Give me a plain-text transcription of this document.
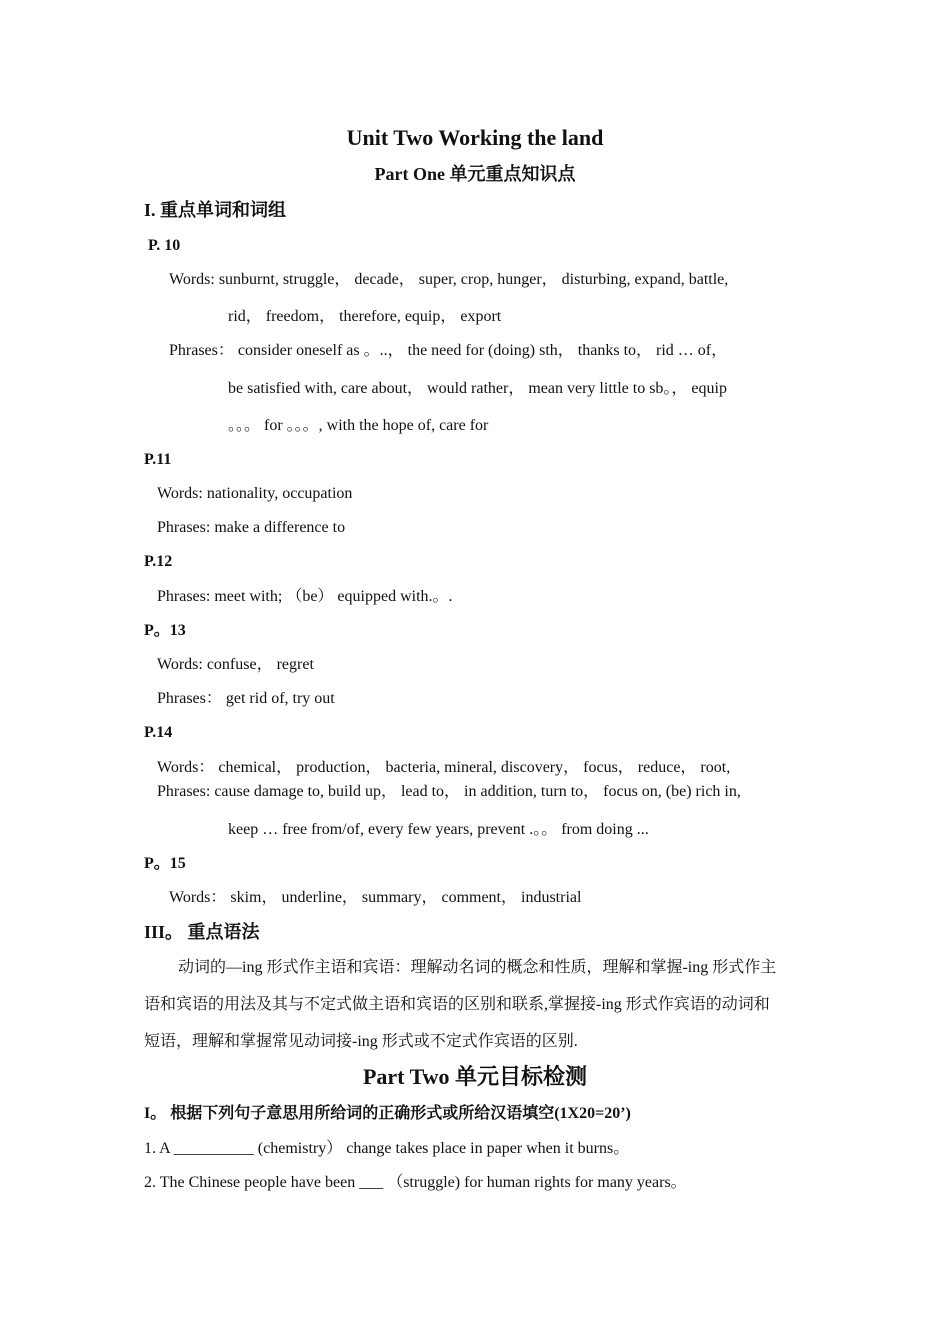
Unit Two Working the land
Part One 单元重点知识点
I. 重点单词和词组
P. 10
Words: sunburnt, struggle， decade， super, crop, hunger， disturbing, expand, battle,
rid， freedom， therefore, equip， export
Phrases： consider oneself as 。..， the need for (doing) sth， thanks to， rid … of，
be satisfied with, care about， would rather， mean very little to sb。， equip
。。。 for 。。。, with the hope of, care for
P.11
Words: nationality, occupation
Phrases: make a difference to
P.12
Phrases: meet with; （be） equipped with.。.
P。13
Words: confuse， regret
Phrases： get rid of, try out
P.14
Words： chemical， production， bacteria, mineral, discovery， focus， reduce， root,
Phrases: cause damage to, build up， lead to， in addition, turn to， focus on, (be) rich in,
keep … free from/of, every few years, prevent .。。 from doing ...
P。15
Words： skim， underline， summary， comment， industrial
III。 重点语法
动词的—ing 形式作主语和宾语：理解动名词的概念和性质，理解和掌握-ing 形式作主
语和宾语的用法及其与不定式做主语和宾语的区别和联系,掌握接-ing 形式作宾语的动词和
短语，理解和掌握常见动词接-ing 形式或不定式作宾语的区别.
Part Two 单元目标检测
I。 根据下列句子意思用所给词的正确形式或所给汉语填空(1X20=20’)
1. A __________ (chemistry） change takes place in paper when it burns。
2. The Chinese people have been ___ （struggle) for human rights for many years。
